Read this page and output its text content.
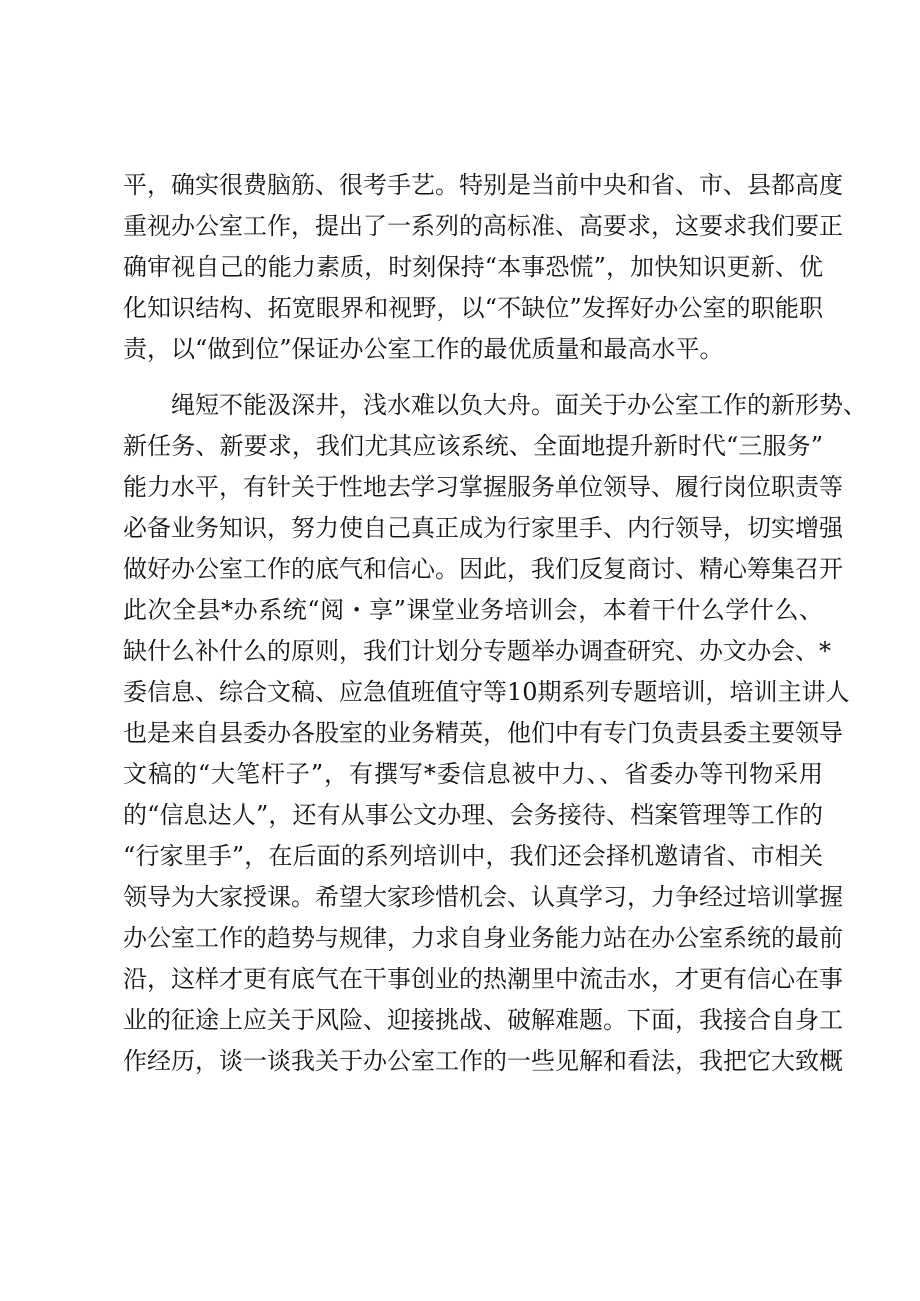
平，确实很费脑筋、很考手艺。特别是当前中央和省、市、县都高度
重视办公室工作，提出了一系列的高标准、高要求，这要求我们要正
确审视自己的能力素质，时刻保持“本事恐慌”，加快知识更新、优
化知识结构、拓宽眼界和视野，以“不缺位”发挥好办公室的职能职
责，以“做到位”保证办公室工作的最优质量和最高水平。
绳短不能汲深井，浅水难以负大舟。面关于办公室工作的新形势、
新任务、新要求，我们尤其应该系统、全面地提升新时代“三服务”
能力水平，有针关于性地去学习掌握服务单位领导、履行岗位职责等
必备业务知识，努力使自己真正成为行家里手、内行领导，切实增强
做好办公室工作的底气和信心。因此，我们反复商讨、精心筹集召开
此次全县*办系统“阅・享”课堂业务培训会，本着干什么学什么、
缺什么补什么的原则，我们计划分专题举办调查研究、办文办会、*
委信息、综合文稿、应急值班值守等10期系列专题培训，培训主讲人
也是来自县委办各股室的业务精英，他们中有专门负责县委主要领导
文稿的“大笔杆子”，有撰写*委信息被中力、、省委办等刊物采用
的“信息达人”，还有从事公文办理、会务接待、档案管理等工作的
“行家里手”，在后面的系列培训中，我们还会择机邀请省、市相关
领导为大家授课。希望大家珍惜机会、认真学习，力争经过培训掌握
办公室工作的趋势与规律，力求自身业务能力站在办公室系统的最前
沿，这样才更有底气在干事创业的热潮里中流击水，才更有信心在事
业的征途上应关于风险、迎接挑战、破解难题。下面，我接合自身工
作经历，谈一谈我关于办公室工作的一些见解和看法，我把它大致概
